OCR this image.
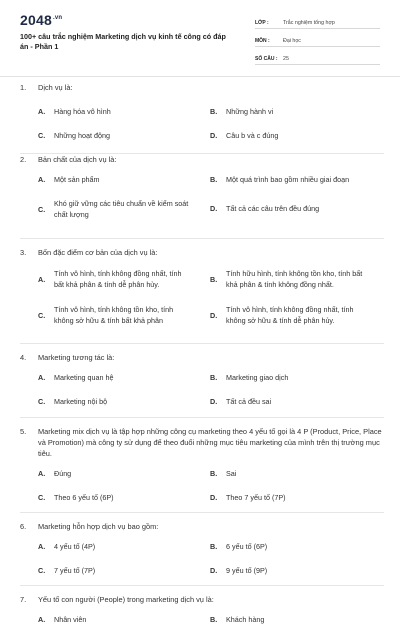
$2048^{.vn}$
100+ câu trắc nghiệm Marketing dịch vụ kinh tế công có đáp án - Phần 1
LỚP :	Trắc nghiệm tổng hợp
MÔN :	Đại học
SỐ CÂU :	25
1. Dịch vụ là:
A.	Hàng hóa vô hình	B.	Những hành vi
C.	Những hoạt động	D.	Câu b và c đúng
2. Bản chất của dịch vụ là:
A.	Một sản phẩm	B.	Một quá trình bao gồm nhiều giai đoạn
C.
Khó giữ vững các tiêu chuẩn về kiểm soát chất lượng
D.	Tất cả các câu trên đều đúng
3. Bốn đặc điểm cơ bản của dịch vụ là:
A.
Tính vô hình, tính không đồng nhất, tính bất khả phân & tính dễ phân hủy.
B.
Tính hữu hình, tính không tồn kho, tính bất khả phân & tính không đồng nhất.
C.
Tính vô hình, tính không tồn kho, tính không sở hữu & tính bất khả phân
D.
Tính vô hình, tính không đồng nhất, tính không sở hữu & tính dễ phân hủy.
4. Marketing tương tác là:
A.	Marketing quan hệ	B.	Marketing giao dịch
C.	Marketing nội bộ	D.	Tất cả đều sai
5. Marketing mix dịch vụ là tập hợp những công cụ marketing theo 4 yếu tố gọi là 4 P (Product, Price, Place và Promotion) mà công ty sử dụng để theo đuổi những mục tiêu marketing của mình trên thị trường mục tiêu.
A.	Đúng	B.	Sai
C.	Theo 6 yếu tố (6P)	D.	Theo 7 yếu tố (7P)
6. Marketing hỗn hợp dịch vụ bao gồm:
A.	4 yếu tố (4P)	B.	6 yếu tố (6P)
C.	7 yếu tố (7P)	D.	9 yếu tố (9P)
7. Yếu tố con người (People) trong marketing dịch vụ là:
A.	Nhân viên	B.	Khách hàng
